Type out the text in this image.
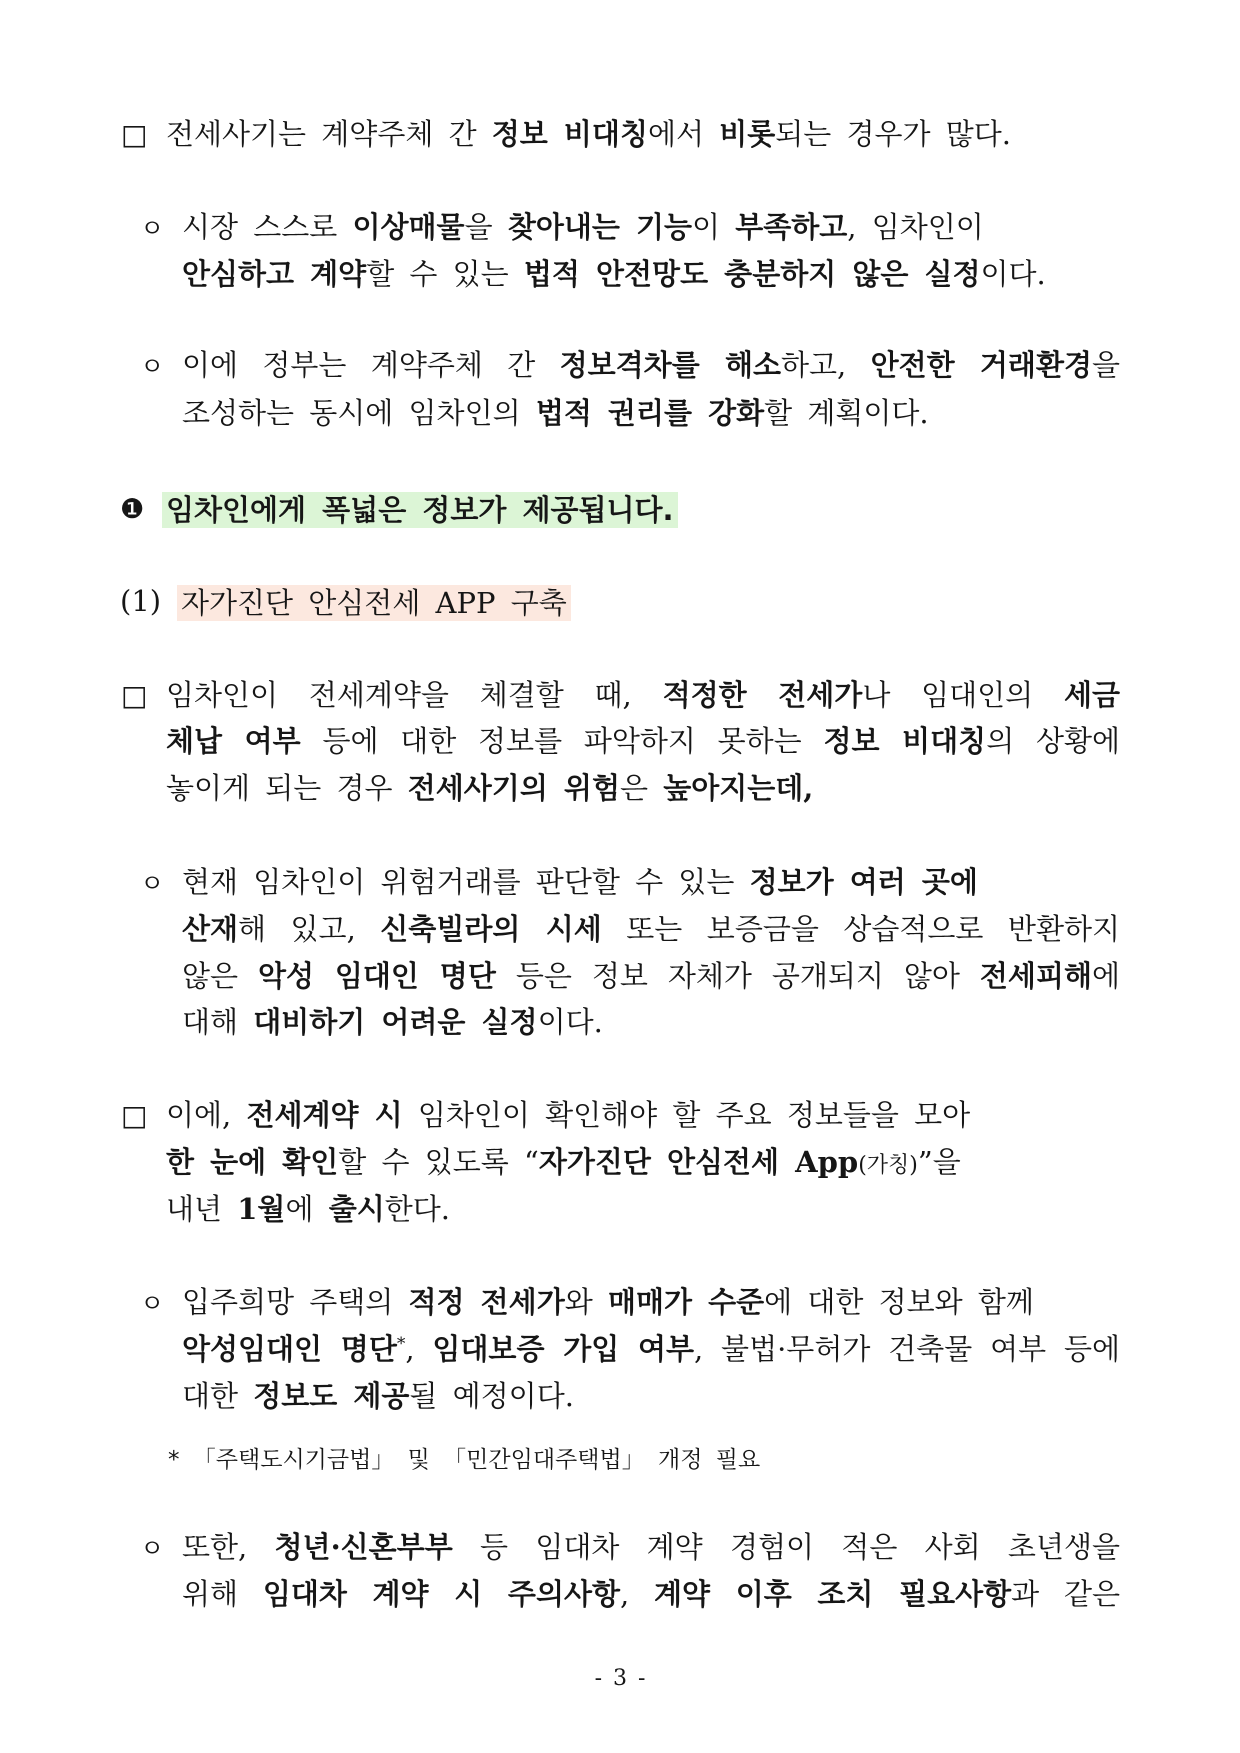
□ 전세사기는 계약주체 간 정보 비대칭에서 비롯되는 경우가 많다.
ㅇ 시장 스스로 이상매물을 찾아내는 기능이 부족하고, 임차인이
안심하고 계약할 수 있는 법적 안전망도 충분하지 않은 실정이다.
ㅇ 이에 정부는 계약주체 간 정보격차를 해소하고, 안전한 거래환경을
조성하는 동시에 임차인의 법적 권리를 강화할 계획이다.
❶ 임차인에게 폭넓은 정보가 제공됩니다.
(1) 자가진단 안심전세 APP 구축
□ 임차인이 전세계약을 체결할 때, 적정한 전세가나 임대인의 세금
체납 여부 등에 대한 정보를 파악하지 못하는 정보 비대칭의 상황에
놓이게 되는 경우 전세사기의 위험은 높아지는데,
ㅇ 현재 임차인이 위험거래를 판단할 수 있는 정보가 여러 곳에
산재해 있고, 신축빌라의 시세 또는 보증금을 상습적으로 반환하지
않은 악성 임대인 명단 등은 정보 자체가 공개되지 않아 전세피해에
대해 대비하기 어려운 실정이다.
□ 이에, 전세계약 시 임차인이 확인해야 할 주요 정보들을 모아
한 눈에 확인할 수 있도록 “자가진단 안심전세 App(가칭)”을
내년 1월에 출시한다.
ㅇ 입주희망 주택의 적정 전세가와 매매가 수준에 대한 정보와 함께
악성임대인 명단*, 임대보증 가입 여부, 불법·무허가 건축물 여부 등에
대한 정보도 제공될 예정이다.
* 「주택도시기금법」 및 「민간임대주택법」 개정 필요
ㅇ 또한, 청년·신혼부부 등 임대차 계약 경험이 적은 사회 초년생을
위해 임대차 계약 시 주의사항, 계약 이후 조치 필요사항과 같은
- 3 -
